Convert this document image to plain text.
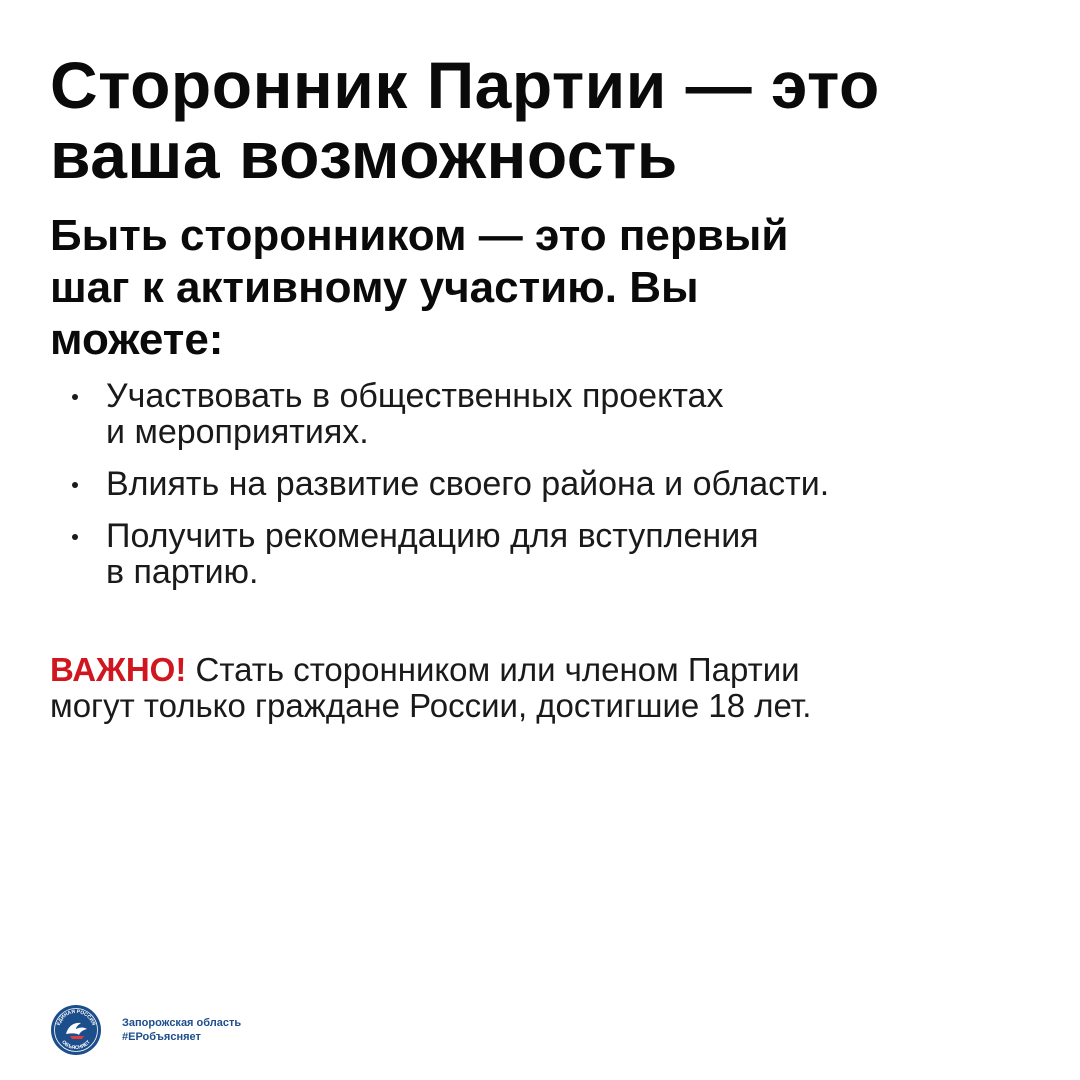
Сторонник Партии — это
ваша возможность
Быть сторонником — это первый
шаг к активному участию. Вы
можете:
Участвовать в общественных проектах
и мероприятиях.
Влиять на развитие своего района и области.
Получить рекомендацию для вступления
в партию.

ВАЖНО! Стать сторонником или членом Партии
могут только граждане России, достигшие 18 лет.

ЕДИНАЯ РОССИЯ
ОБЪЯСНЯЕТ
Запорожская область
#ЕРобъясняет
